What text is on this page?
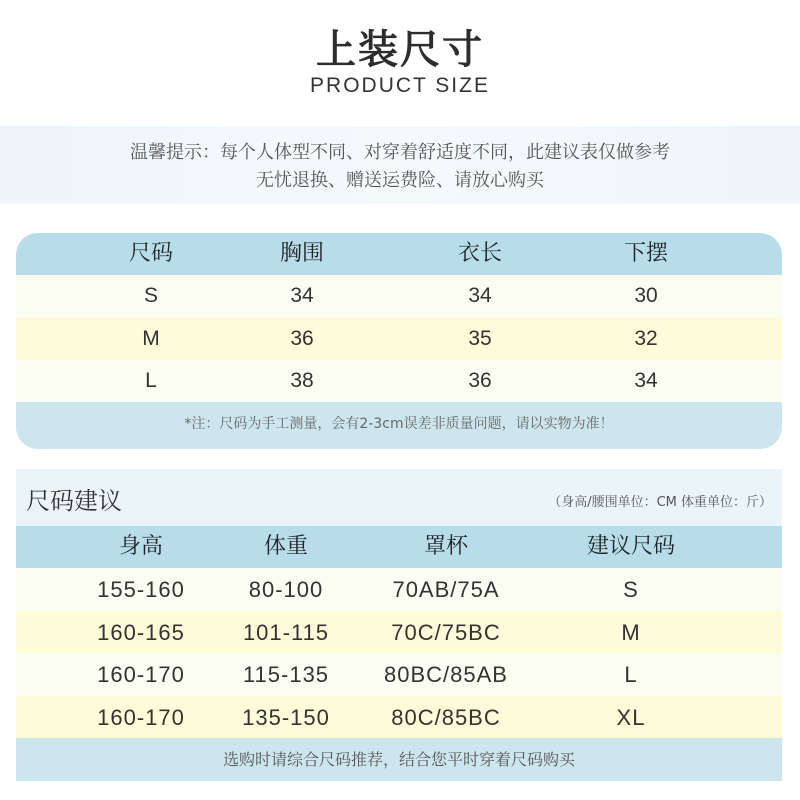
上装尺寸
PRODUCT SIZE
温馨提示：每个人体型不同、对穿着舒适度不同，此建议表仅做参考
无忧退换、赠送运费险、请放心购买
尺码	胸围	衣长	下摆
S	34	34	30
M	36	35	32
L	38	36	34
*注：尺码为手工测量，会有2-3cm误差非质量问题，请以实物为准！
尺码建议	（身高/腰围单位：CM 体重单位：斤）
身高	体重	罩杯	建议尺码
155-160	80-100	70AB/75A	S
160-165	101-115	70C/75BC	M
160-170	115-135	80BC/85AB	L
160-170	135-150	80C/85BC	XL
选购时请综合尺码推荐，结合您平时穿着尺码购买
